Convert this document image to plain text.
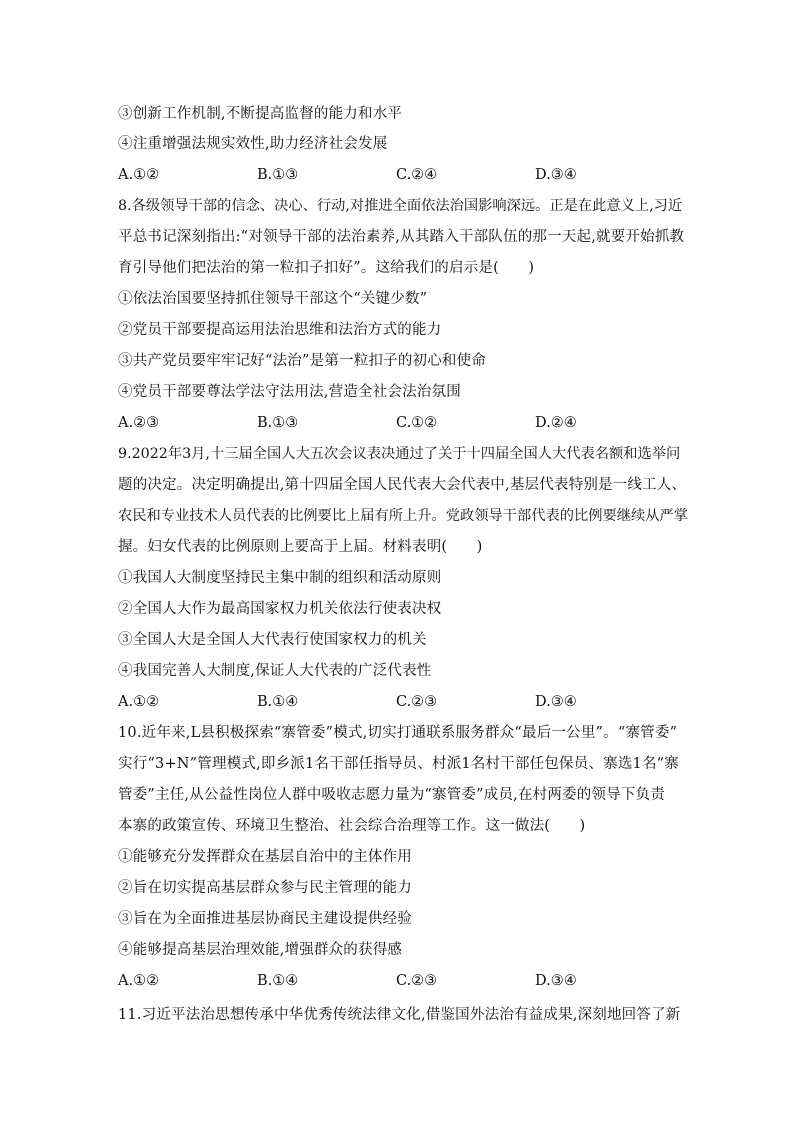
③创新工作机制,不断提高监督的能力和水平
④注重增强法规实效性,助力经济社会发展
A.①②	B.①③	C.②④	D.③④
8.各级领导干部的信念、决心、行动,对推进全面依法治国影响深远。正是在此意义上,习近
平总书记深刻指出:“对领导干部的法治素养,从其踏入干部队伍的那一天起,就要开始抓教
育引导他们把法治的第一粒扣子扣好”。这给我们的启示是(　　)
①依法治国要坚持抓住领导干部这个“关键少数”
②党员干部要提高运用法治思维和法治方式的能力
③共产党员要牢牢记好“法治”是第一粒扣子的初心和使命
④党员干部要尊法学法守法用法,营造全社会法治氛围
A.②③	B.①③	C.①②	D.②④
9.2022年3月,十三届全国人大五次会议表决通过了关于十四届全国人大代表名额和选举问
题的决定。决定明确提出,第十四届全国人民代表大会代表中,基层代表特别是一线工人、
农民和专业技术人员代表的比例要比上届有所上升。党政领导干部代表的比例要继续从严掌
握。妇女代表的比例原则上要高于上届。材料表明(　　)
①我国人大制度坚持民主集中制的组织和活动原则
②全国人大作为最高国家权力机关依法行使表决权
③全国人大是全国人大代表行使国家权力的机关
④我国完善人大制度,保证人大代表的广泛代表性
A.①②	B.①④	C.②③	D.③④
10.近年来,L县积极探索“寨管委”模式,切实打通联系服务群众“最后一公里”。“寨管委”
实行“3+N”管理模式,即乡派1名干部任指导员、村派1名村干部任包保员、寨选1名“寨
管委”主任,从公益性岗位人群中吸收志愿力量为“寨管委”成员,在村两委的领导下负责
本寨的政策宣传、环境卫生整治、社会综合治理等工作。这一做法(　　)
①能够充分发挥群众在基层自治中的主体作用
②旨在切实提高基层群众参与民主管理的能力
③旨在为全面推进基层协商民主建设提供经验
④能够提高基层治理效能,增强群众的获得感
A.①②	B.①④	C.②③	D.③④
11.习近平法治思想传承中华优秀传统法律文化,借鉴国外法治有益成果,深刻地回答了新
